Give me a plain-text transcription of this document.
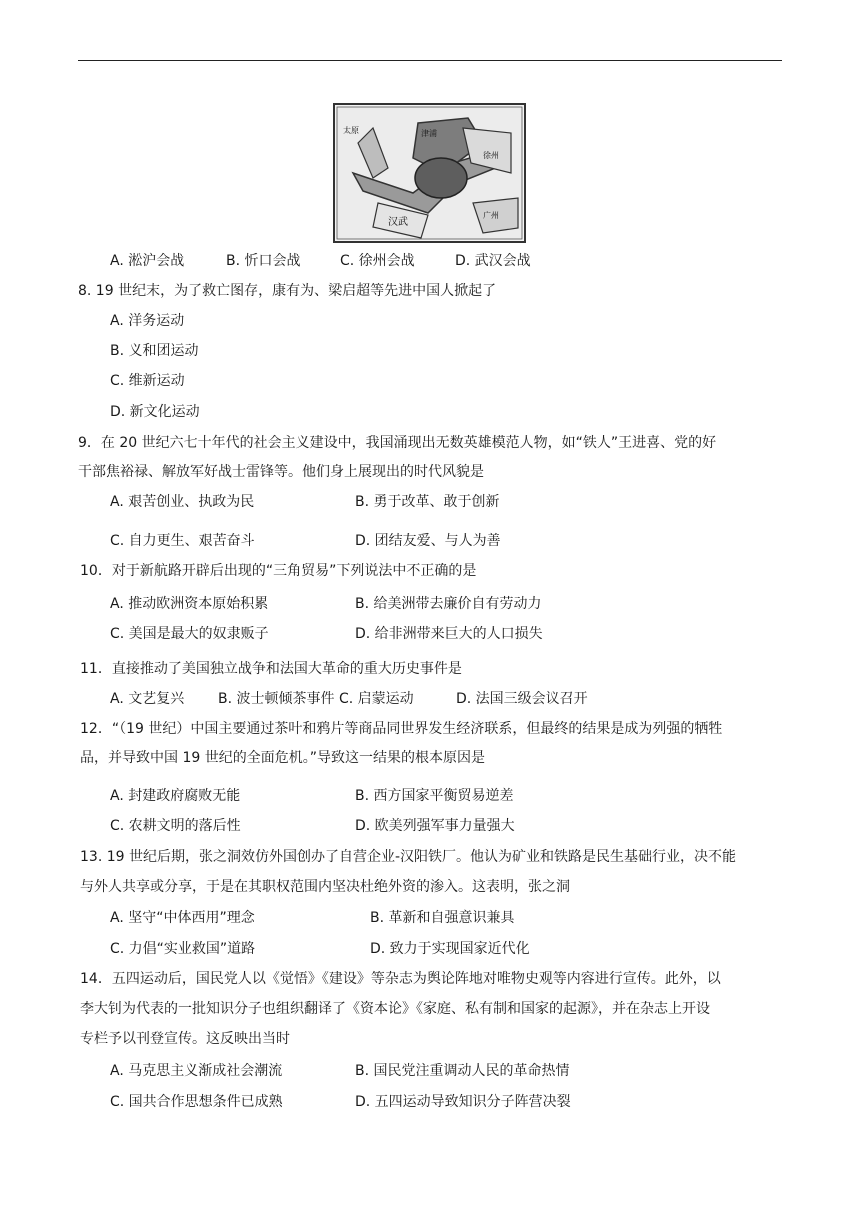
太原	津浦
徐州
汉武
广州
A. 淞沪会战	B. 忻口会战	C. 徐州会战	D. 武汉会战
8. 19 世纪末，为了救亡图存，康有为、梁启超等先进中国人掀起了
A. 洋务运动
B. 义和团运动
C. 维新运动
D. 新文化运动
9．在 20 世纪六七十年代的社会主义建设中，我国涌现出无数英雄模范人物，如“铁人”王进喜、党的好
干部焦裕禄、解放军好战士雷锋等。他们身上展现出的时代风貌是
A. 艰苦创业、执政为民	B. 勇于改革、敢于创新
C. 自力更生、艰苦奋斗	D. 团结友爱、与人为善
10．对于新航路开辟后出现的“三角贸易”下列说法中不正确的是
A. 推动欧洲资本原始积累	B. 给美洲带去廉价自有劳动力
C. 美国是最大的奴隶贩子	D. 给非洲带来巨大的人口损失
11．直接推动了美国独立战争和法国大革命的重大历史事件是
A. 文艺复兴 B. 波士顿倾茶事件 C. 启蒙运动	D. 法国三级会议召开
12．“（19 世纪）中国主要通过茶叶和鸦片等商品同世界发生经济联系，但最终的结果是成为列强的牺牲
品，并导致中国 19 世纪的全面危机。”导致这一结果的根本原因是
A. 封建政府腐败无能	B. 西方国家平衡贸易逆差
C. 农耕文明的落后性	D. 欧美列强军事力量强大
13. 19 世纪后期，张之洞效仿外国创办了自营企业-汉阳铁厂。他认为矿业和铁路是民生基础行业，决不能
与外人共享或分享，于是在其职权范围内坚决杜绝外资的渗入。这表明，张之洞
A. 坚守“中体西用”理念	B. 革新和自强意识兼具
C. 力倡“实业救国”道路	D. 致力于实现国家近代化
14．五四运动后，国民党人以《觉悟》《建设》等杂志为舆论阵地对唯物史观等内容进行宣传。此外，以
李大钊为代表的一批知识分子也组织翻译了《资本论》《家庭、私有制和国家的起源》，并在杂志上开设
专栏予以刊登宣传。这反映出当时
A. 马克思主义渐成社会潮流	B. 国民党注重调动人民的革命热情
C. 国共合作思想条件已成熟	D. 五四运动导致知识分子阵营决裂
